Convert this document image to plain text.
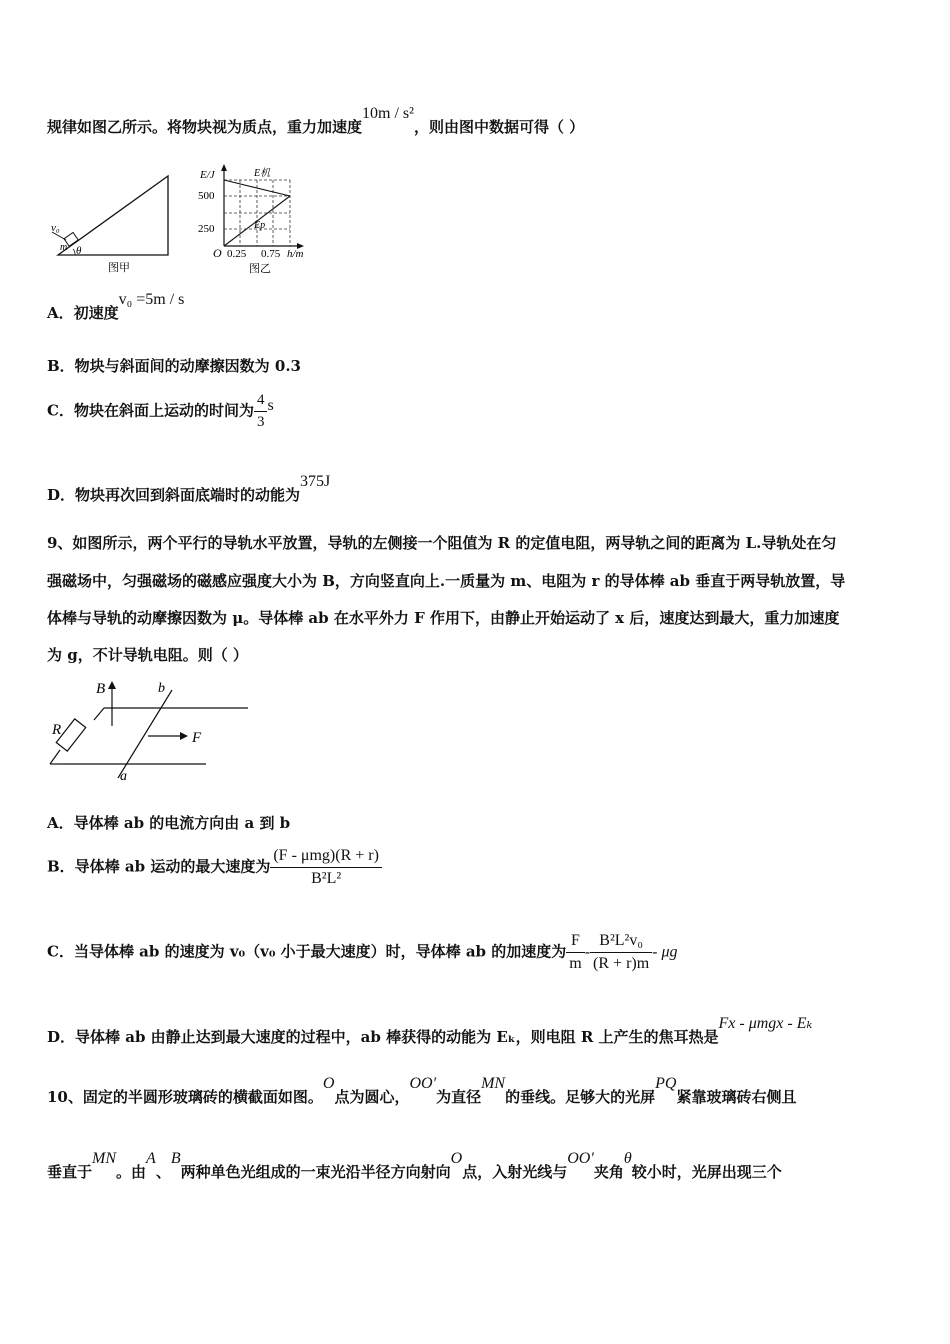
规律如图乙所示。将物块视为质点，重力加速度10m / s²，则由图中数据可得（ ）
v₀
m θ
图甲
E/J	E机
Ep
500
250
O 0.25 0.75 h/m
图乙
A．初速度v₀ =5m / s
B．物块与斜面间的动摩擦因数为 0.3
C．物块在斜面上运动的时间为 $\frac{4}{3}$ s
D．物块再次回到斜面底端时的动能为375J
9、如图所示，两个平行的导轨水平放置，导轨的左侧接一个阻值为 R 的定值电阻，两导轨之间的距离为 L.导轨处在匀
强磁场中，匀强磁场的磁感应强度大小为 B，方向竖直向上.一质量为 m、电阻为 r 的导体棒 ab 垂直于两导轨放置，导
体棒与导轨的动摩擦因数为 μ。导体棒 ab 在水平外力 F 作用下，由静止开始运动了 x 后，速度达到最大，重力加速度
为 g，不计导轨电阻。则（ ）
B	b
R	F
a
A．导体棒 ab 的电流方向由 a 到 b
B．导体棒 ab 运动的最大速度为 $\frac{\text{(F - μmg)(R + r)}}{\text{B²L²}}$
C．当导体棒 ab 的速度为 v₀（v₀ 小于最大速度）时，导体棒 ab 的加速度为 $\frac{F}{m} - \frac{\text{B²L²v₀}}{(R + r)m}$ - μg
D．导体棒 ab 由静止达到最大速度的过程中，ab 棒获得的动能为 Eₖ，则电阻 R 上产生的焦耳热是Fx - μmgx - Eₖ
10、固定的半圆形玻璃砖的横截面如图。O点为圆心，OO′为直径MN的垂线。足够大的光屏PQ紧靠玻璃砖右侧且
垂直于MN。由A、B两种单色光组成的一束光沿半径方向射向O点，入射光线与OO′夹角θ较小时，光屏出现三个
